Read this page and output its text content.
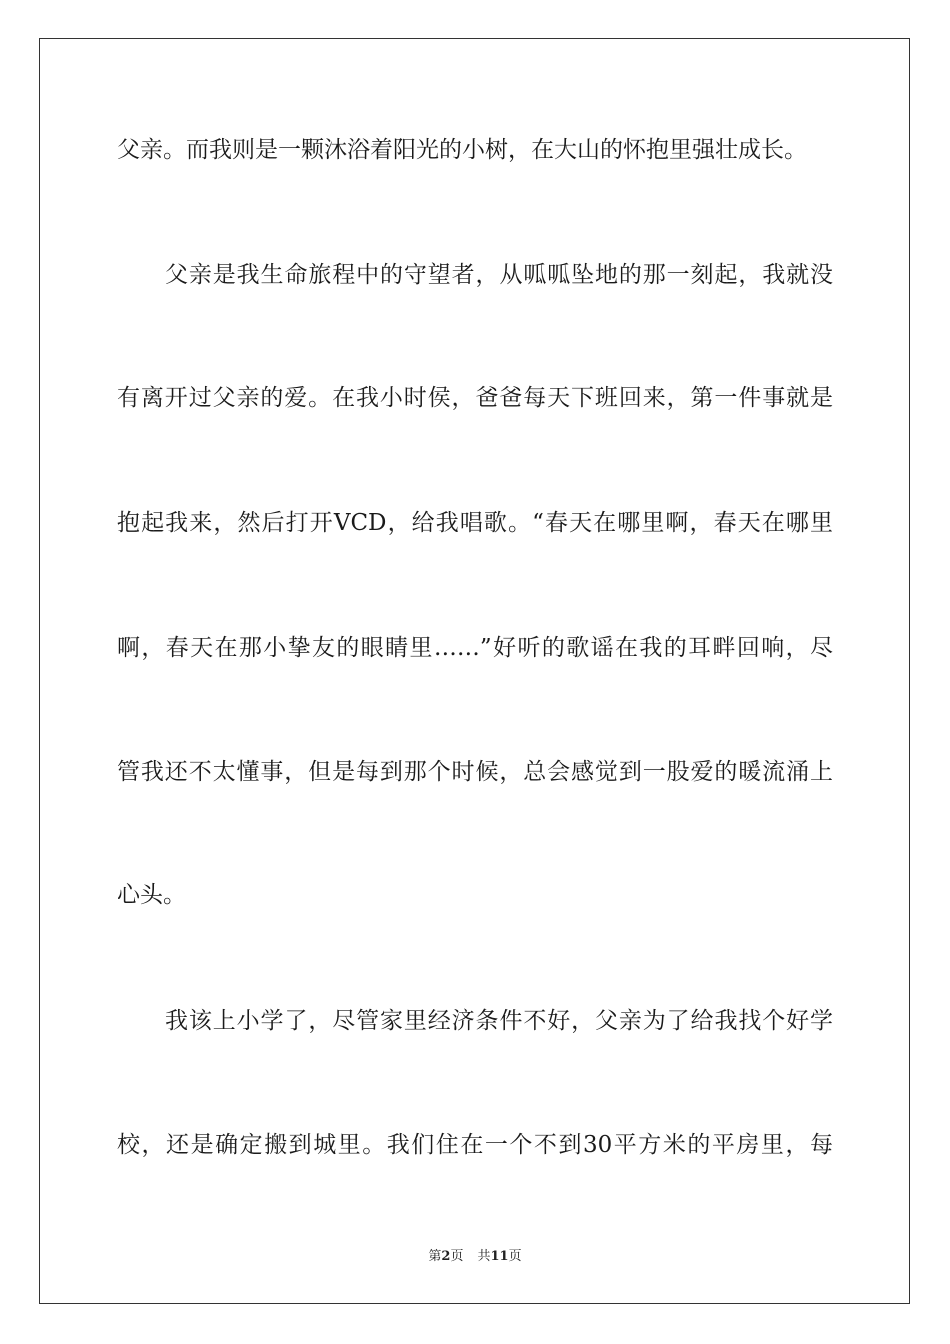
父亲。而我则是一颗沐浴着阳光的小树，在大山的怀抱里强壮成长。
父亲是我生命旅程中的守望者，从呱呱坠地的那一刻起，我就没
有离开过父亲的爱。在我小时侯，爸爸每天下班回来，第一件事就是
抱起我来，然后打开VCD，给我唱歌。“春天在哪里啊，春天在哪里
啊，春天在那小挚友的眼睛里……”好听的歌谣在我的耳畔回响，尽
管我还不太懂事，但是每到那个时候，总会感觉到一股爱的暖流涌上
心头。
我该上小学了，尽管家里经济条件不好，父亲为了给我找个好学
校，还是确定搬到城里。我们住在一个不到30平方米的平房里，每
第2页 共11页
